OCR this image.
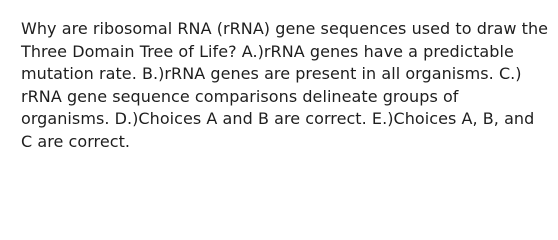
Why are ribosomal RNA (rRNA) gene sequences used to draw the
Three Domain Tree of Life? A.)rRNA genes have a predictable
mutation rate. B.)rRNA genes are present in all organisms. C.)
rRNA gene sequence comparisons delineate groups of
organisms. D.)Choices A and B are correct. E.)Choices A, B, and
C are correct.
